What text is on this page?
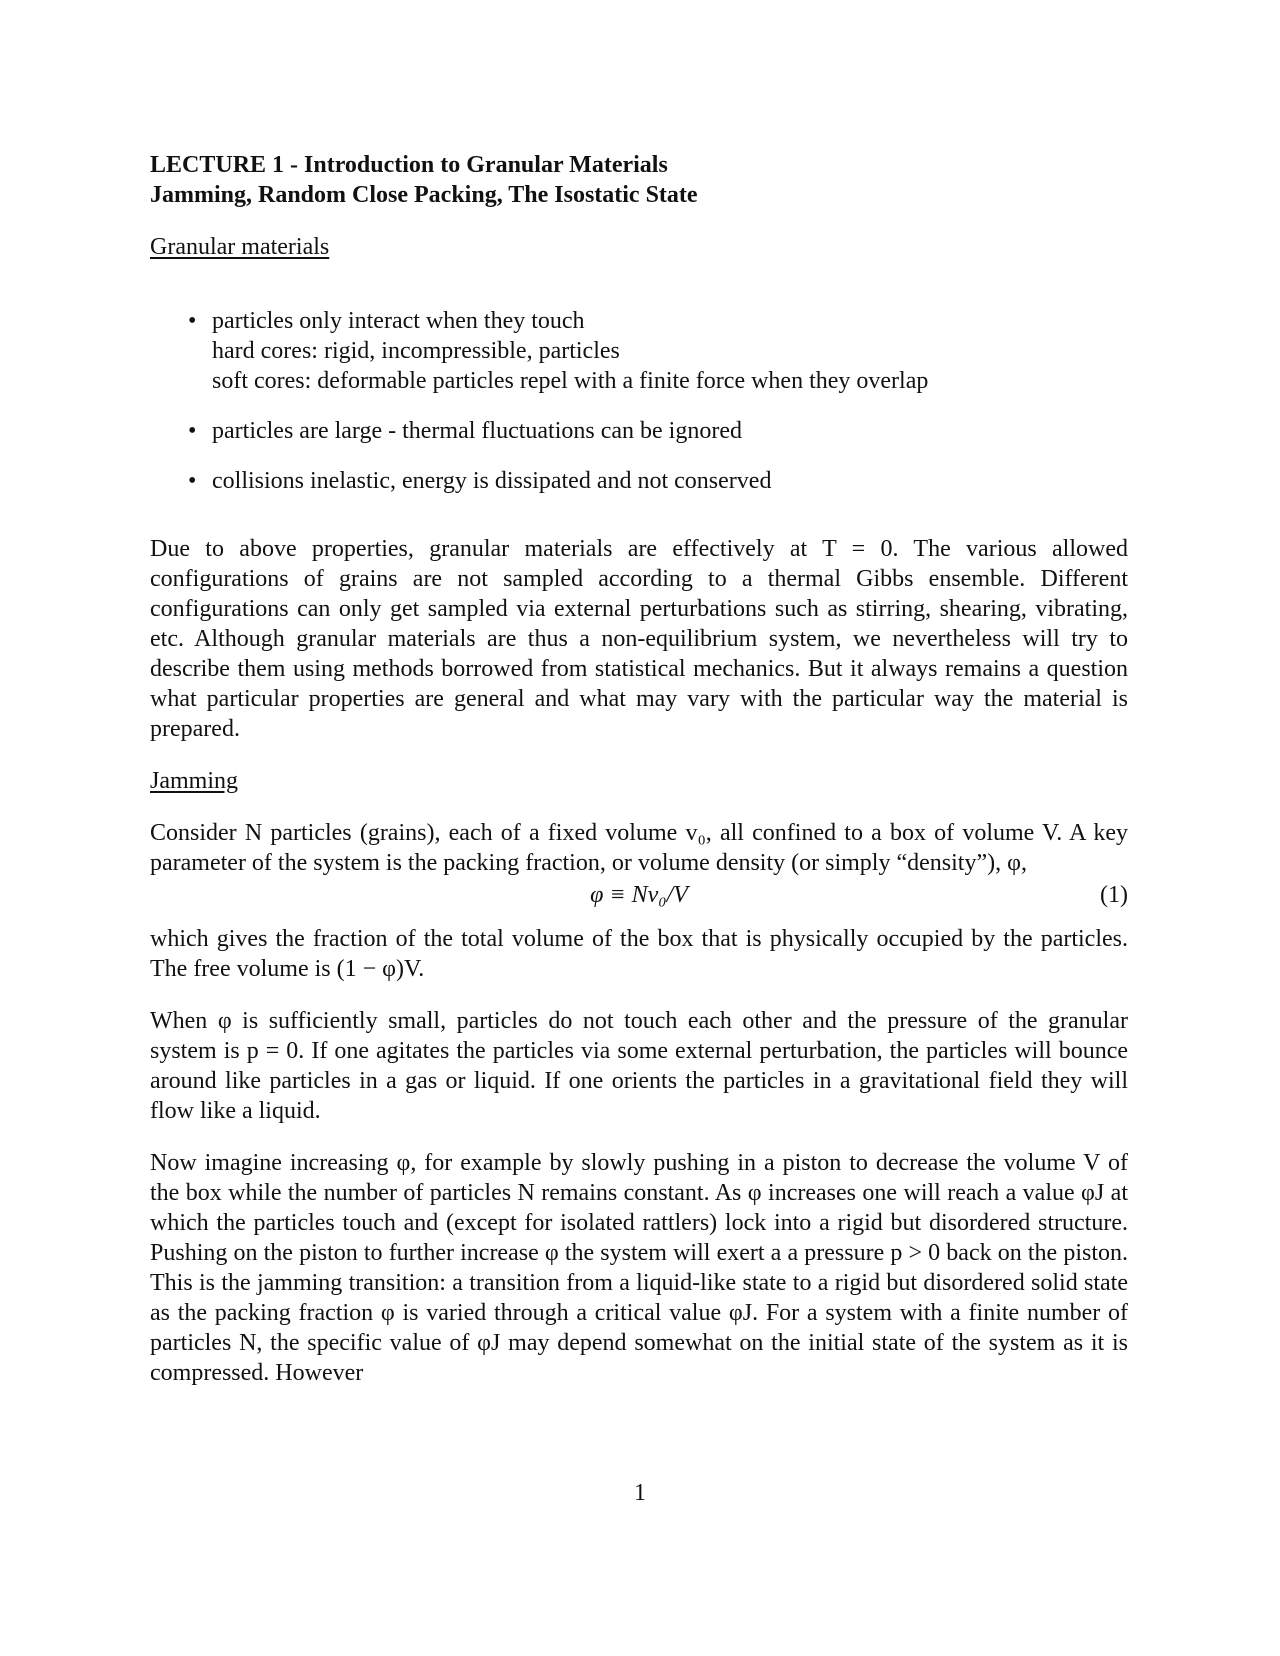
LECTURE 1 - Introduction to Granular Materials
Jamming, Random Close Packing, The Isostatic State
Granular materials
• particles only interact when they touch
hard cores: rigid, incompressible, particles
soft cores: deformable particles repel with a finite force when they overlap
• particles are large - thermal fluctuations can be ignored
• collisions inelastic, energy is dissipated and not conserved

Due to above properties, granular materials are effectively at T = 0. The various allowed configurations of grains are not sampled according to a thermal Gibbs ensemble. Different configurations can only get sampled via external perturbations such as stirring, shearing, vibrating, etc. Although granular materials are thus a non-equilibrium system, we nevertheless will try to describe them using methods borrowed from statistical mechanics. But it always remains a question what particular properties are general and what may vary with the particular way the material is prepared.

Jamming

Consider N particles (grains), each of a fixed volume v₀, all confined to a box of volume V. A key parameter of the system is the packing fraction, or volume density (or simply “density”), φ,

φ ≡ Nv₀/V	(1)

which gives the fraction of the total volume of the box that is physically occupied by the particles. The free volume is (1 − φ)V.

When φ is sufficiently small, particles do not touch each other and the pressure of the granular system is p = 0. If one agitates the particles via some external perturbation, the particles will bounce around like particles in a gas or liquid. If one orients the particles in a gravitational field they will flow like a liquid.

Now imagine increasing φ, for example by slowly pushing in a piston to decrease the volume V of the box while the number of particles N remains constant. As φ increases one will reach a value φJ at which the particles touch and (except for isolated rattlers) lock into a rigid but disordered structure. Pushing on the piston to further increase φ the system will exert a a pressure p > 0 back on the piston. This is the jamming transition: a transition from a liquid-like state to a rigid but disordered solid state as the packing fraction φ is varied through a critical value φJ. For a system with a finite number of particles N, the specific value of φJ may depend somewhat on the initial state of the system as it is compressed. However

1
